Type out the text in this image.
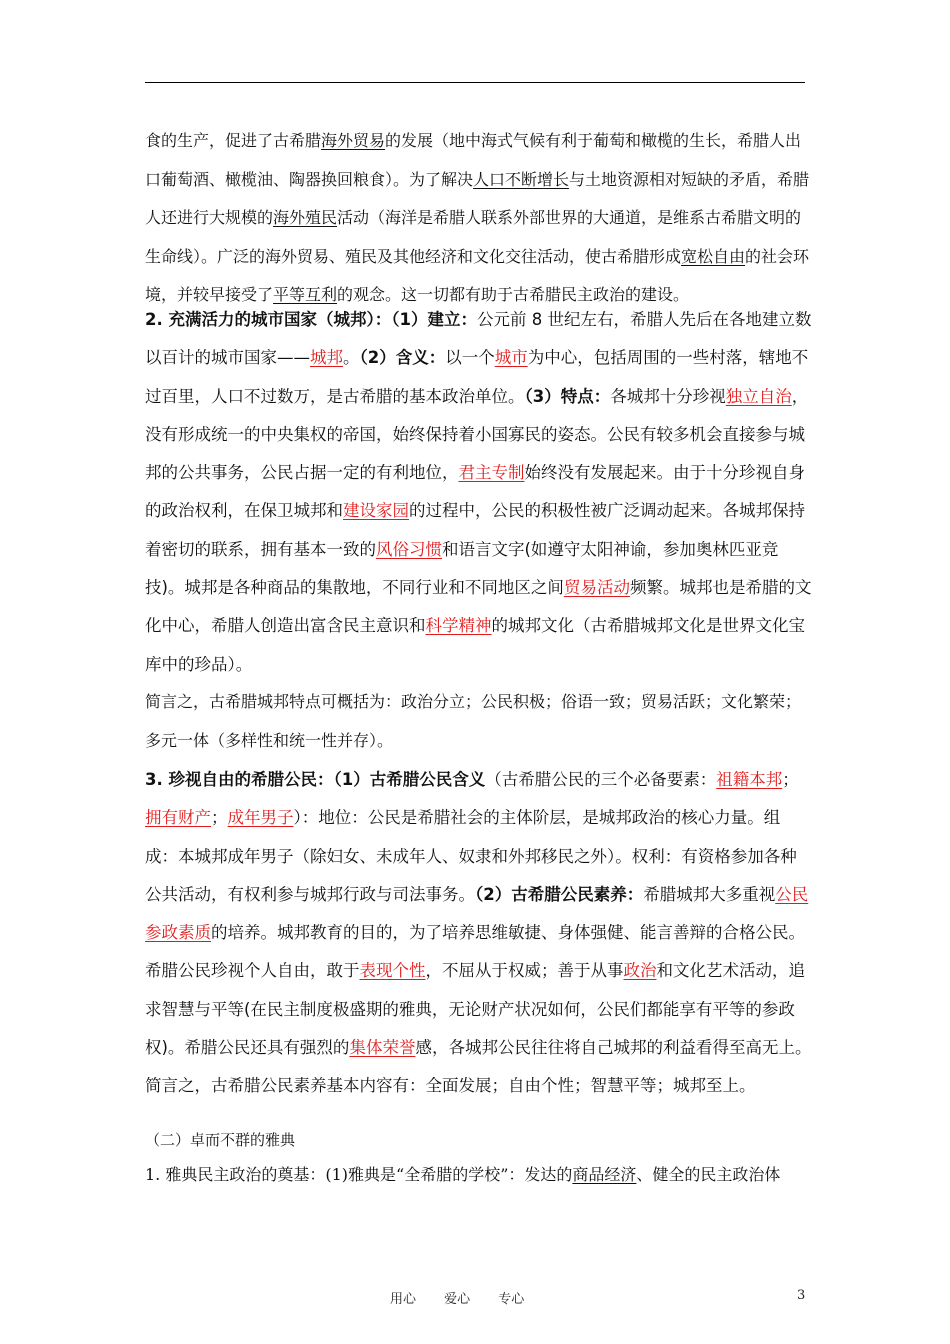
食的生产，促进了古希腊海外贸易的发展（地中海式气候有利于葡萄和橄榄的生长，希腊人出口葡萄酒、橄榄油、陶器换回粮食）。为了解决人口不断增长与土地资源相对短缺的矛盾，希腊人还进行大规模的海外殖民活动（海洋是希腊人联系外部世界的大通道，是维系古希腊文明的生命线）。广泛的海外贸易、殖民及其他经济和文化交往活动，使古希腊形成宽松自由的社会环境，并较早接受了平等互利的观念。这一切都有助于古希腊民主政治的建设。

2. 充满活力的城市国家（城邦）：（1）建立：公元前 8 世纪左右，希腊人先后在各地建立数以百计的城市国家——城邦。（2）含义：以一个城市为中心，包括周围的一些村落，辖地不过百里，人口不过数万，是古希腊的基本政治单位。（3）特点：各城邦十分珍视独立自治，没有形成统一的中央集权的帝国，始终保持着小国寡民的姿态。公民有较多机会直接参与城邦的公共事务，公民占据一定的有利地位，君主专制始终没有发展起来。由于十分珍视自身的政治权利，在保卫城邦和建设家园的过程中，公民的积极性被广泛调动起来。各城邦保持着密切的联系，拥有基本一致的风俗习惯和语言文字(如遵守太阳神谕，参加奥林匹亚竞技)。城邦是各种商品的集散地，不同行业和不同地区之间贸易活动频繁。城邦也是希腊的文化中心，希腊人创造出富含民主意识和科学精神的城邦文化（古希腊城邦文化是世界文化宝库中的珍品）。

简言之，古希腊城邦特点可概括为：政治分立；公民积极；俗语一致；贸易活跃；文化繁荣；多元一体（多样性和统一性并存）。

3. 珍视自由的希腊公民：（1）古希腊公民含义（古希腊公民的三个必备要素：祖籍本邦；拥有财产；成年男子）：地位：公民是希腊社会的主体阶层，是城邦政治的核心力量。组成：本城邦成年男子（除妇女、未成年人、奴隶和外邦移民之外）。权利：有资格参加各种公共活动，有权利参与城邦行政与司法事务。（2）古希腊公民素养：希腊城邦大多重视公民参政素质的培养。城邦教育的目的，为了培养思维敏捷、身体强健、能言善辩的合格公民。希腊公民珍视个人自由，敢于表现个性，不屈从于权威；善于从事政治和文化艺术活动，追求智慧与平等(在民主制度极盛期的雅典，无论财产状况如何，公民们都能享有平等的参政权)。希腊公民还具有强烈的集体荣誉感，各城邦公民往往将自己城邦的利益看得至高无上。简言之，古希腊公民素养基本内容有：全面发展；自由个性；智慧平等；城邦至上。

（二）卓而不群的雅典

1. 雅典民主政治的奠基：(1)雅典是“全希腊的学校”：发达的商品经济、健全的民主政治体

用心 爱心 专心	3
